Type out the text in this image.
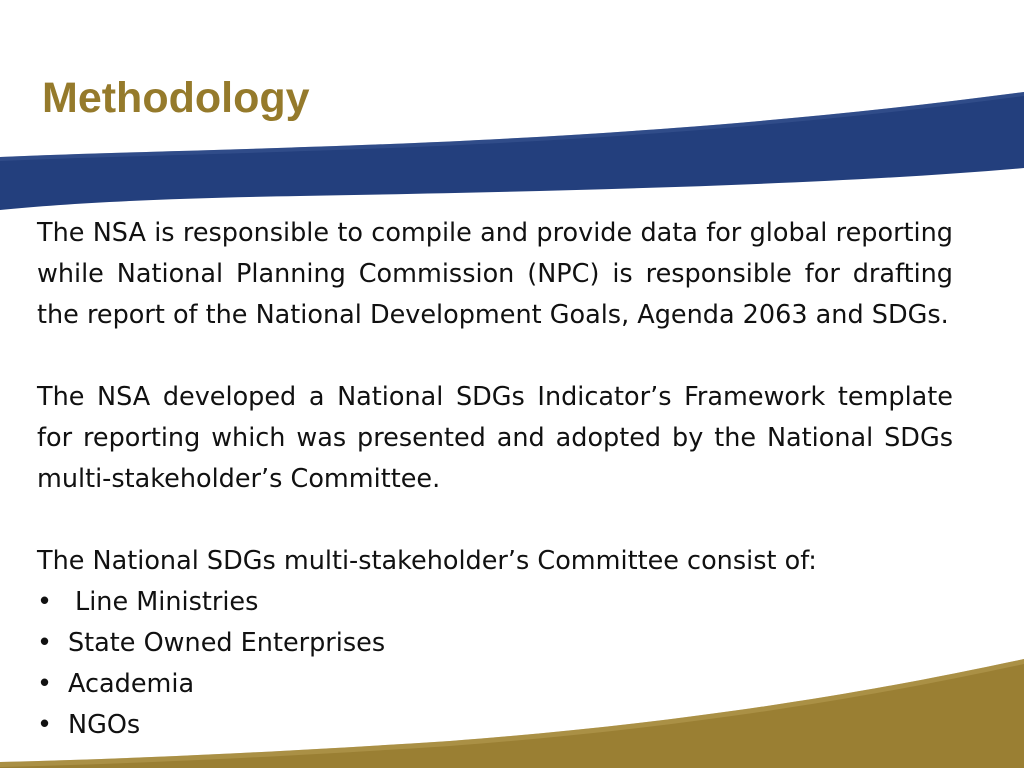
Methodology

The NSA is responsible to compile and provide data for global reporting while National Planning Commission (NPC) is responsible for drafting the report of the National Development Goals, Agenda 2063 and SDGs.

The NSA developed a National SDGs Indicator’s Framework template for reporting which was presented and adopted by the National SDGs multi-stakeholder’s Committee.

The National SDGs multi-stakeholder’s Committee consist of:

• Line Ministries
• State Owned Enterprises
• Academia
• NGOs
